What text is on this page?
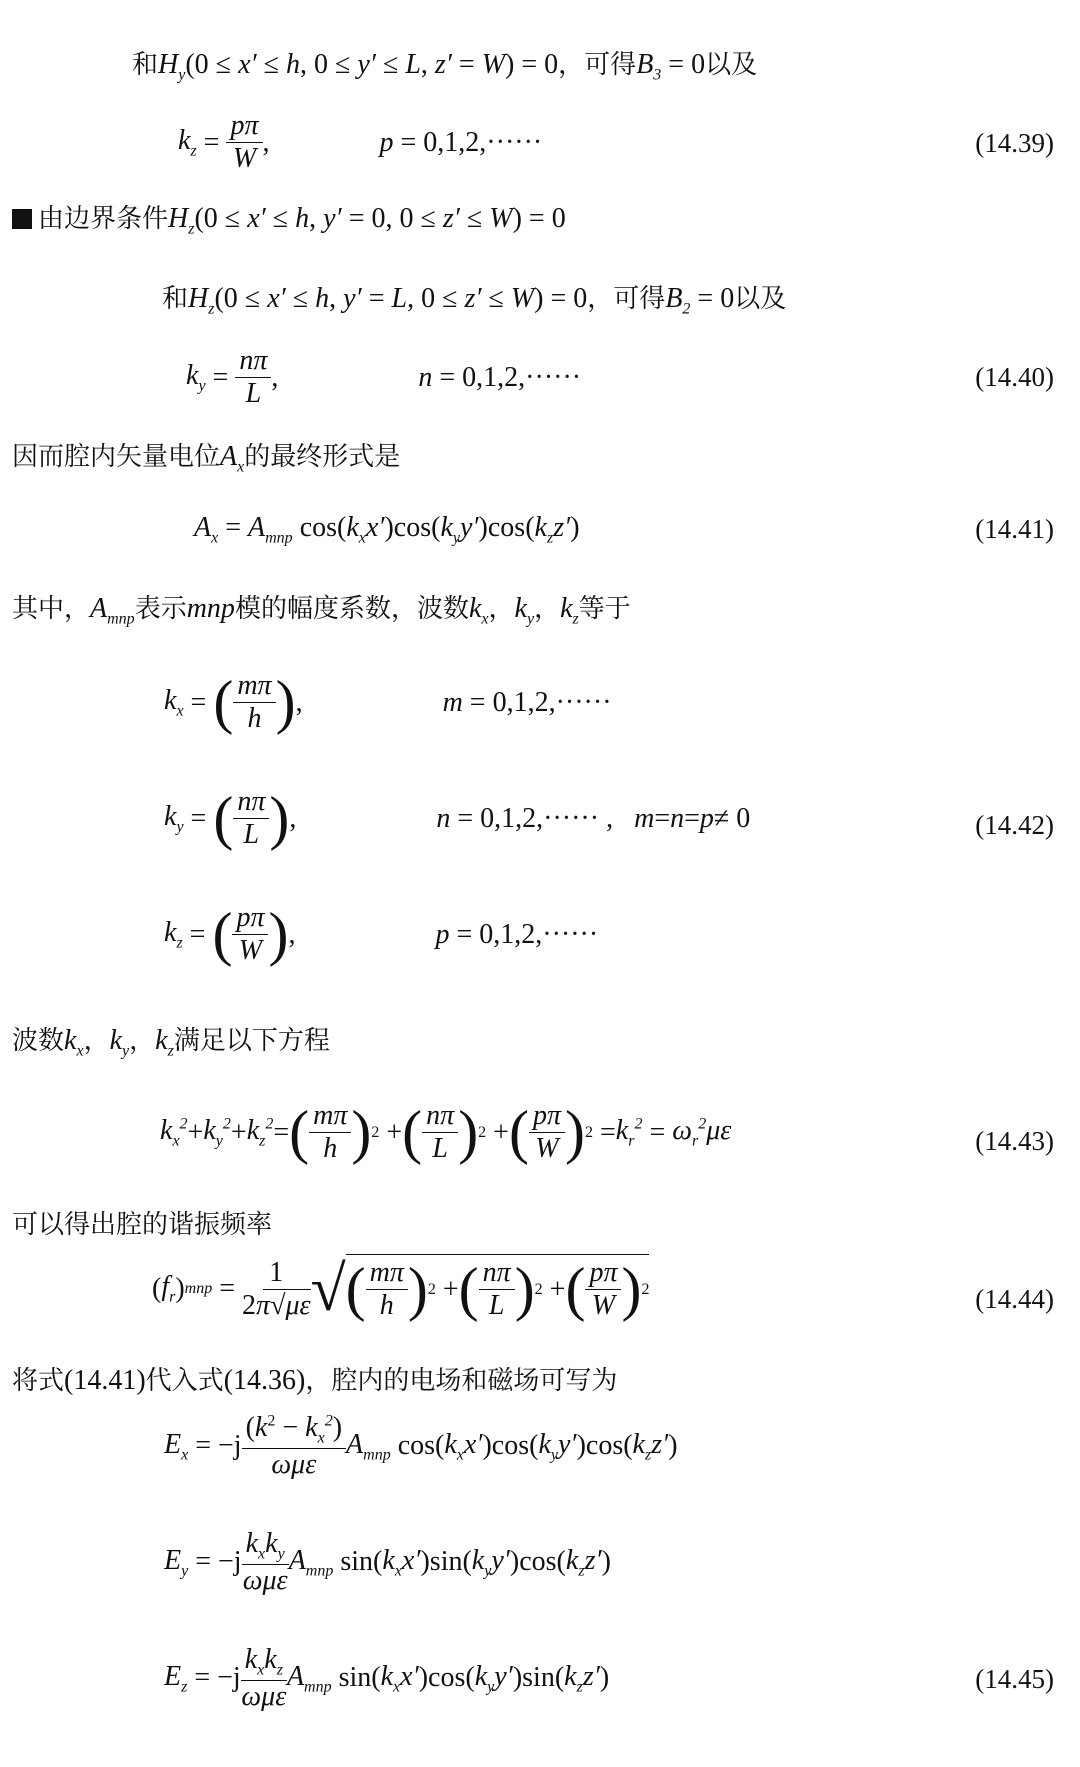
和$H_y(0 \le x' \le h$, 0 ≤ y′ ≤ L, z′ = W) = 0，可得$B_3 = 0$以及
$k_z$ =
pπ
W
,	p = 0,1,2,······	(14.39)
由边界条件$H_z(0 \le x' \le h$, y′ = 0, 0 ≤ z′ ≤ W) = 0
和$H_z(0 \le x' \le h$, y′ = L, 0 ≤ z′ ≤ W) = 0，可得$B_2 = 0$以及
$k_y$ =
nπ
L
,	n = 0,1,2,······	(14.40)
因而腔内矢量电位$A_x$的最终形式是
$A_x = A_{mnp}$ $\cos(k_xx')\cos(k_yy')\cos(k_zz')$	(14.41)
其中，$A_{mnp}$表示mnp模的幅度系数，波数$k_x$，$k_y$，$k_z$等于
$k_x$ = ( mπ
h ) ,	m = 0,1,2,······
$k_y$ = ( nπ
L ) ,	n = 0,1,2,······ , m = n = p ≠ 0	(14.42)
$k_z$ = ( pπ
W ) ,	p = 0,1,2,······
波数$k_x$，$k_y$，$k_z$满足以下方程
$k_x^2 + k_y^2 + k_z^2$ = ( mπ
h ) 2 + ( nπ
L ) 2 + ( pπ
W ) $2 = k_r^2 = \omega_r^2\mu\varepsilon$	(14.43)
可以得出腔的谐振频率
( $f_r$ ) mnp =
1
2π√με √ ( mπ
h ) 2 + ( nπ
L ) 2 + ( pπ
W ) 2	(14.44)
将式(14.41)代入式(14.36)，腔内的电场和磁场可写为
$E_x = -j$
$(k^2 - k_x^2)$
ωμε
$A_{mnp}$ cos( $k_xx'$ )cos( $k_yy'$ )cos( $k_zz'$ )
$E_y = -j$
$k_xk_y$
ωμε
$A_{mnp}$ sin( $k_xx'$ )sin( $k_yy'$ )cos( $k_zz'$ )
$E_z = -j$
$k_xk_z$
ωμε
$A_{mnp}$ sin( $k_xx'$ )cos( $k_yy'$ )sin( $k_zz'$ )	(14.45)
